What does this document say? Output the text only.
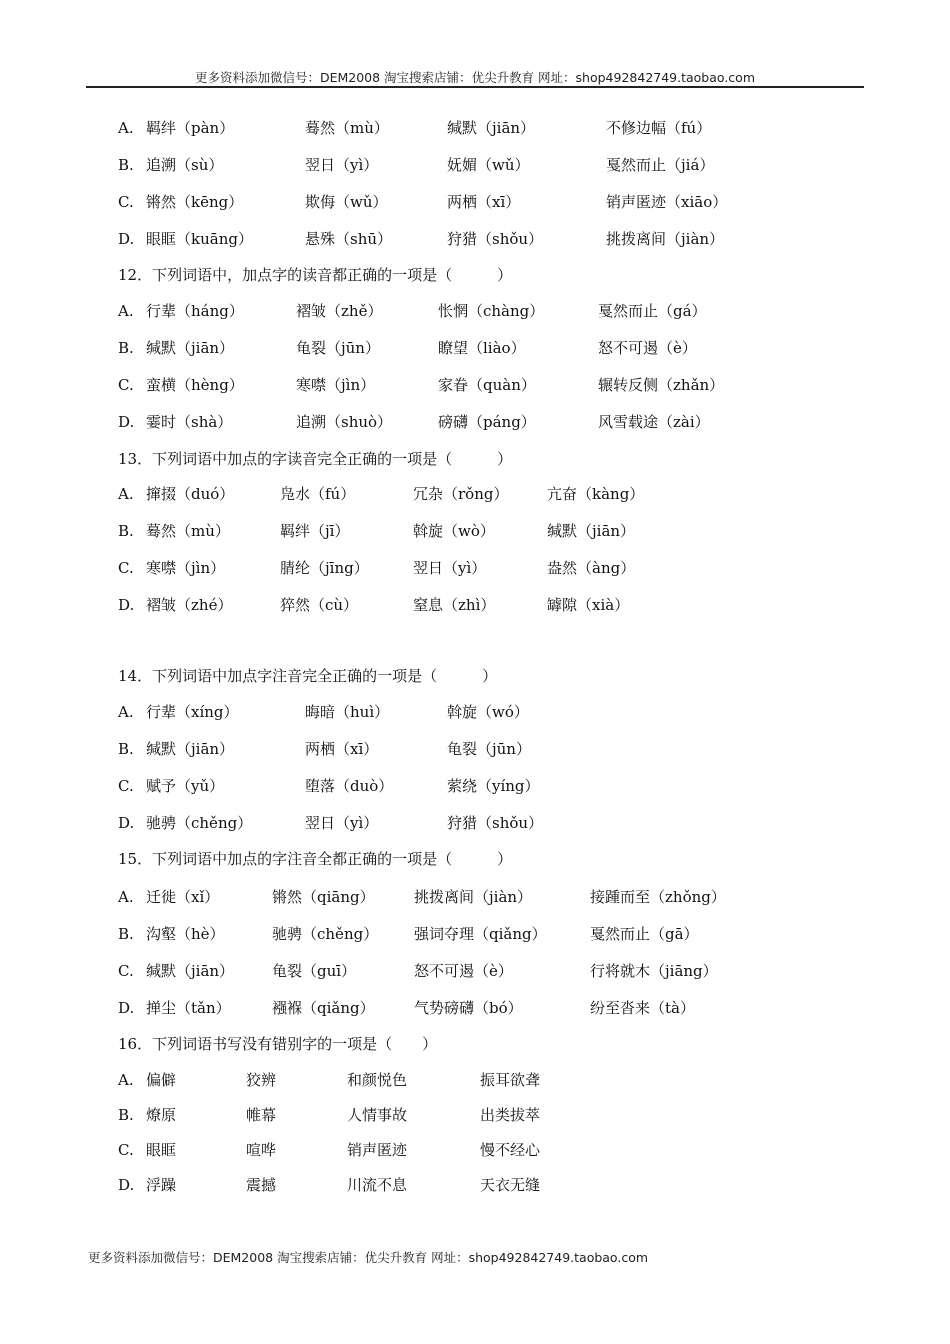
更多资料添加微信号：DEM2008 淘宝搜索店铺：优尖升教育 网址：shop492842749.taobao.com
A. 羁绊（pàn）	蓦然（mù）	缄默（jiān）	不修边幅（fú）
B. 追溯（sù）	翌日（yì）	妩媚（wǔ）	戛然而止（jiá）
C. 锵然（kēng）	欺侮（wǔ）	两栖（xī）	销声匿迹（xiāo）
D. 眼眶（kuāng）	悬殊（shū）	狩猎（shǒu）	挑拨离间（jiàn）
12．下列词语中，加点字的读音都正确的一项是（　　　）
A. 行辈（háng）	褶皱（zhě）	怅惘（chàng）	戛然而止（gá）
B. 缄默（jiān）	龟裂（jūn）	瞭望（liào）	怒不可遏（è）
C. 蛮横（hèng）	寒噤（jìn）	家眷（quàn）	辗转反侧（zhǎn）
D. 霎时（shà）	追溯（shuò）	磅礴（páng）	风雪载途（zài）
13．下列词语中加点的字读音完全正确的一项是（　　　）
A. 撺掇（duó）	凫水（fú）	冗杂（rǒng）	亢奋（kàng）
B. 蓦然（mù）	羁绊（jī）	斡旋（wò）	缄默（jiān）
C. 寒噤（jìn）	腈纶（jīng）	翌日（yì）	盎然（àng）
D. 褶皱（zhé）	猝然（cù）	窒息（zhì）	罅隙（xià）
14．下列词语中加点字注音完全正确的一项是（　　　）
A. 行辈（xíng）	晦暗（huì）	斡旋（wó）
B. 缄默（jiān）	两栖（xī）	龟裂（jūn）
C. 赋予（yǔ）	堕落（duò）	萦绕（yíng）
D. 驰骋（chěng）	翌日（yì）	狩猎（shǒu）
15．下列词语中加点的字注音全都正确的一项是（　　　）
A. 迁徙（xǐ）	锵然（qiāng）	挑拨离间（jiàn）	接踵而至（zhǒng）
B. 沟壑（hè）	驰骋（chěng） 强词夺理（qiǎng）	戛然而止（gā）
C. 缄默（jiān）	龟裂（guī）	怒不可遏（è）	行将就木（jiāng）
D. 掸尘（tǎn）	襁褓（qiǎng）	气势磅礴（bó）	纷至沓来（tà）
16．下列词语书写没有错别字的一项是（　　）
A. 偏僻	狡辨	和颜悦色	振耳欲聋
B. 燎原	帷幕	人情事故	出类拔萃
C. 眼眶	喧哗	销声匿迹	慢不经心
D. 浮躁	震撼	川流不息	天衣无缝
更多资料添加微信号：DEM2008 淘宝搜索店铺：优尖升教育 网址：shop492842749.taobao.com
